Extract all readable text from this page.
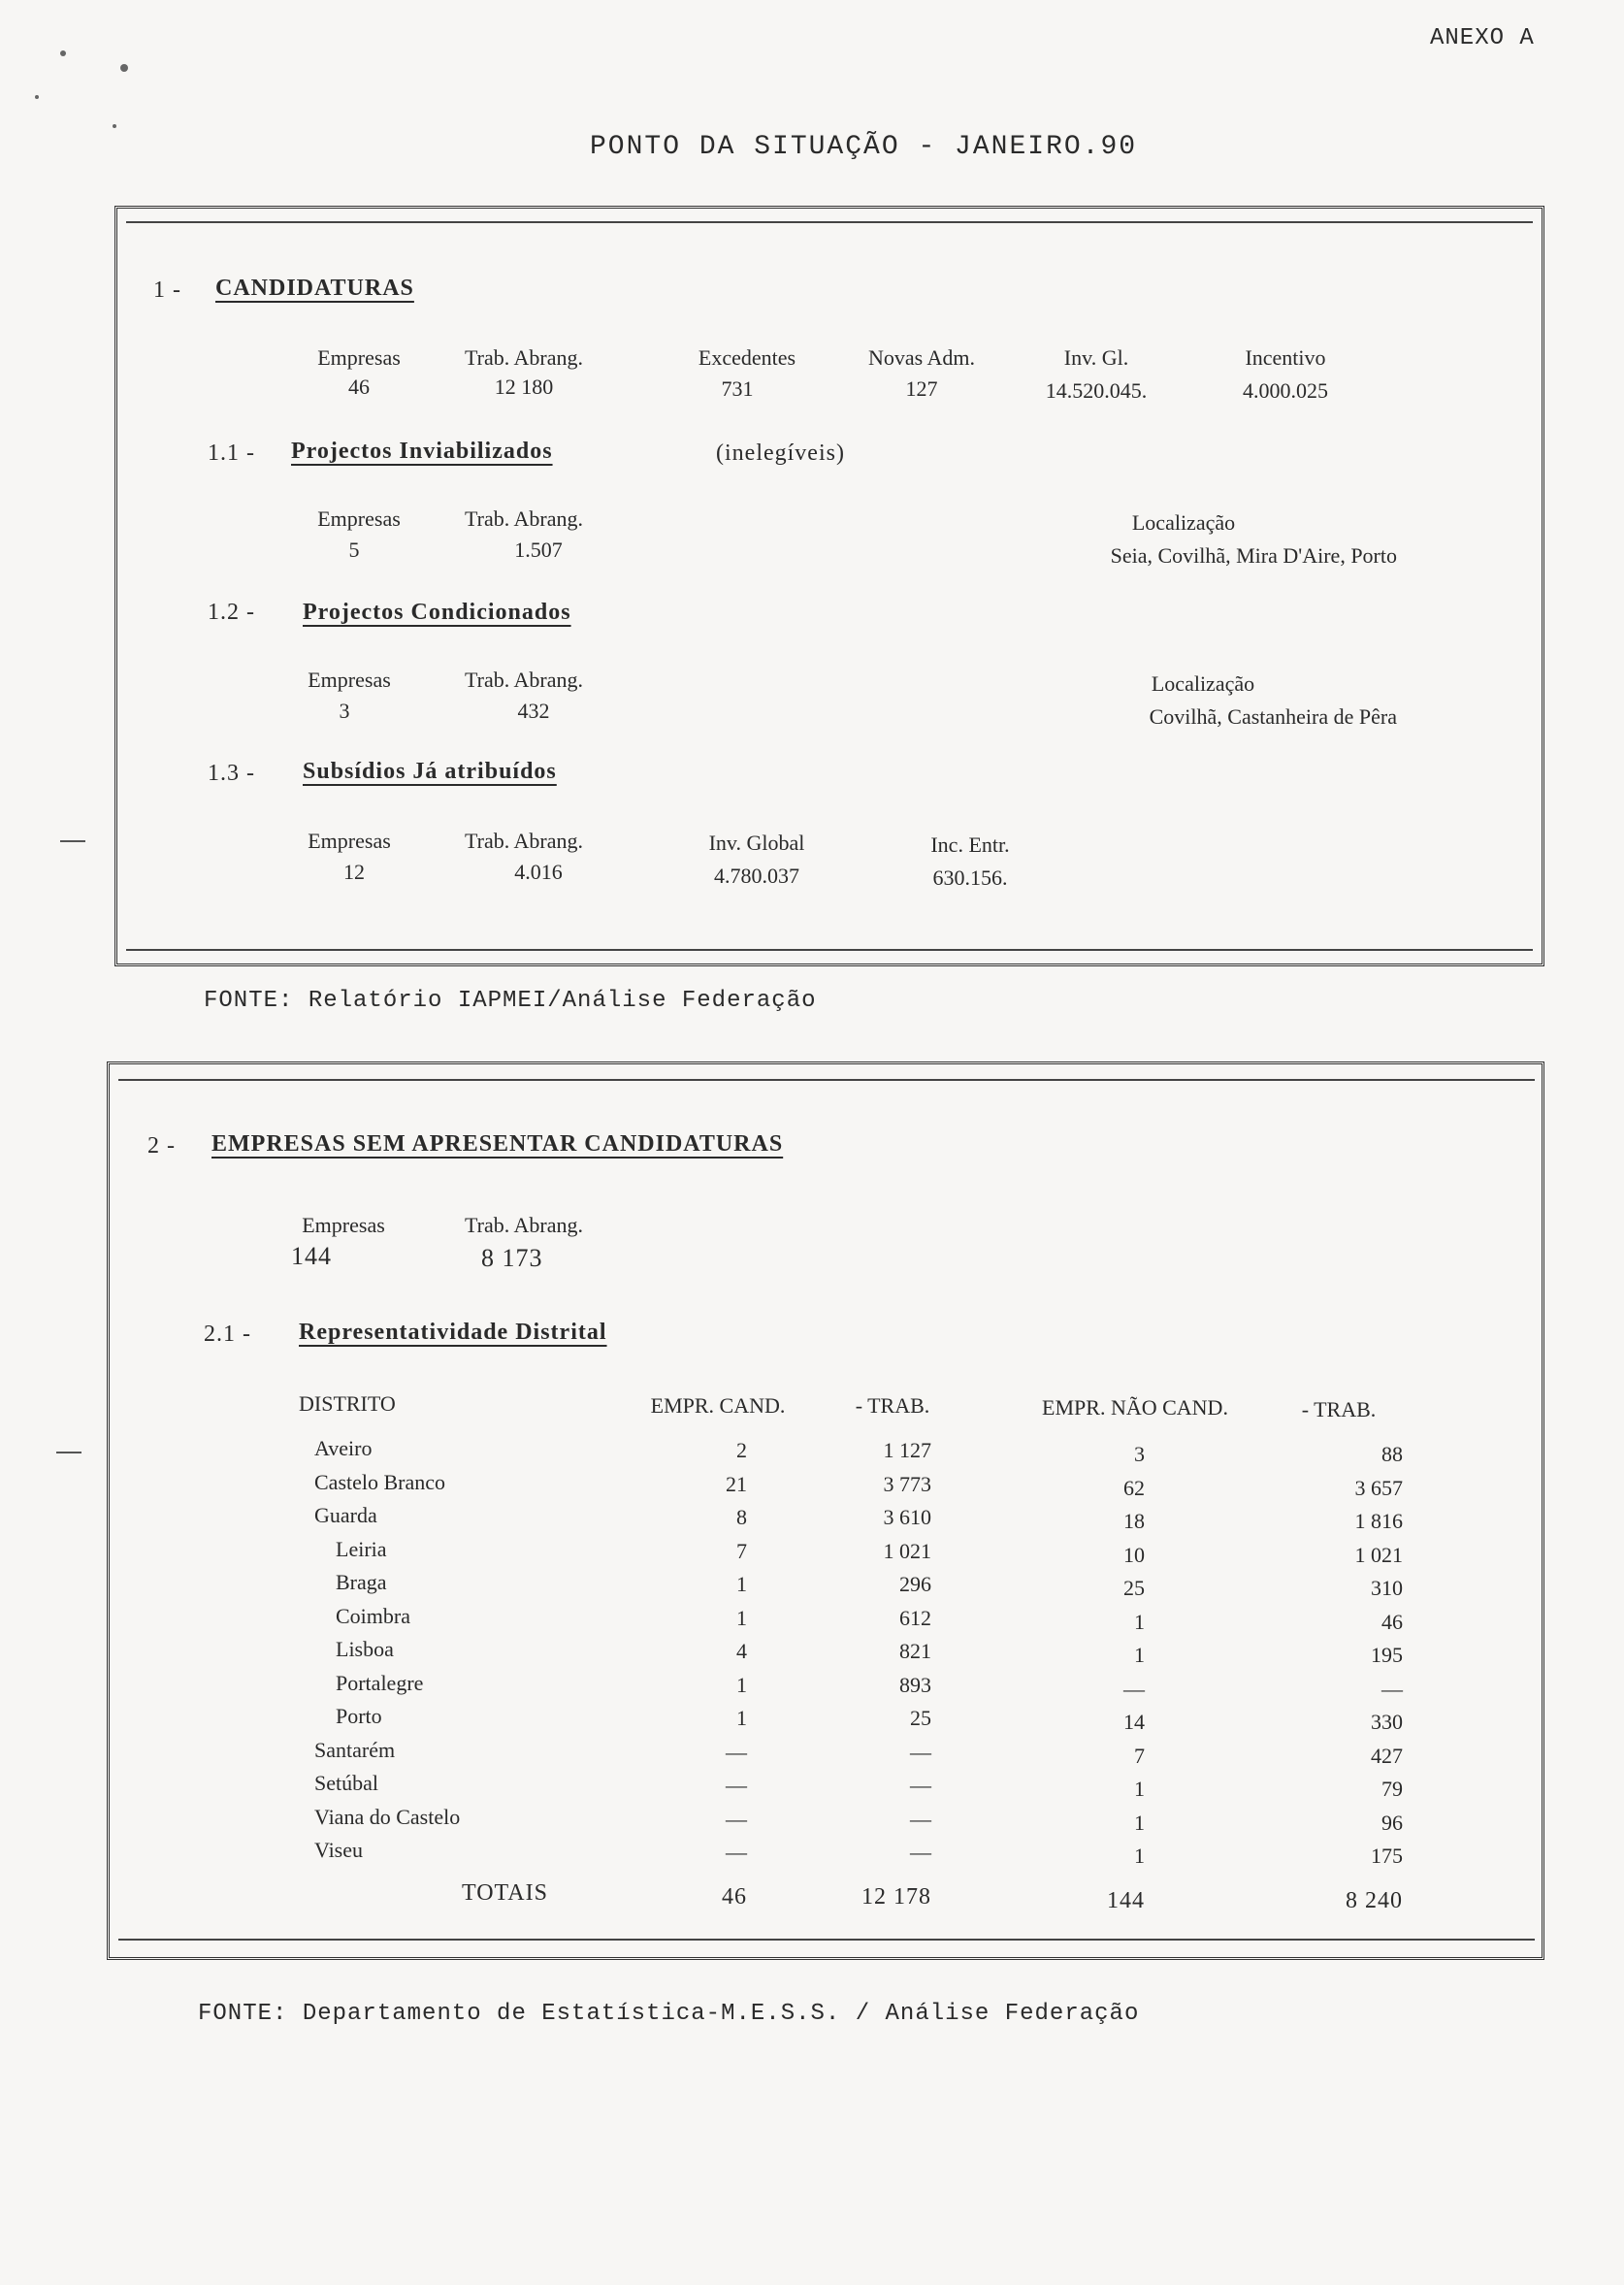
ANEXO A
PONTO DA SITUAÇÃO - JANEIRO.90
1 - CANDIDATURAS
Empresas	Trab. Abrang.	Excedentes	Novas Adm.	Inv. Gl.	Incentivo
46	12 180	731	127	14.520.045.	4.000.025
1.1 - Projectos Inviabilizados	(inelegíveis)
Empresas	Trab. Abrang.	Localização
5	1.507	Seia, Covilhã, Mira D'Aire, Porto
1.2 - Projectos Condicionados
Empresas	Trab. Abrang.	Localização
3	432	Covilhã, Castanheira de Pêra
1.3 - Subsídios Já atribuídos
Empresas	Trab. Abrang.	Inv. Global	Inc. Entr.
12	4.016	4.780.037	630.156.
FONTE: Relatório IAPMEI/Análise Federação
2 - EMPRESAS SEM APRESENTAR CANDIDATURAS
Empresas	Trab. Abrang.
144	8 173
2.1 - Representatividade Distrital
DISTRITO	EMPR. CAND.	- TRAB.	EMPR. NÃO CAND.	- TRAB.
Aveiro	2	1 127	3	88
Castelo Branco	21	3 773	62	3 657
Guarda	8	3 610	18	1 816
Leiria	7	1 021	10	1 021
Braga	1	296	25	310
Coimbra	1	612	1	46
Lisboa	4	821	1	195
Portalegre	1	893	—	—
Porto	1	25	14	330
Santarém	—	—	7	427
Setúbal	—	—	1	79
Viana do Castelo	—	—	1	96
Viseu	—	—	1	175
TOTAIS	46	12 178	144	8 240
FONTE: Departamento de Estatística-M.E.S.S. / Análise Federação
